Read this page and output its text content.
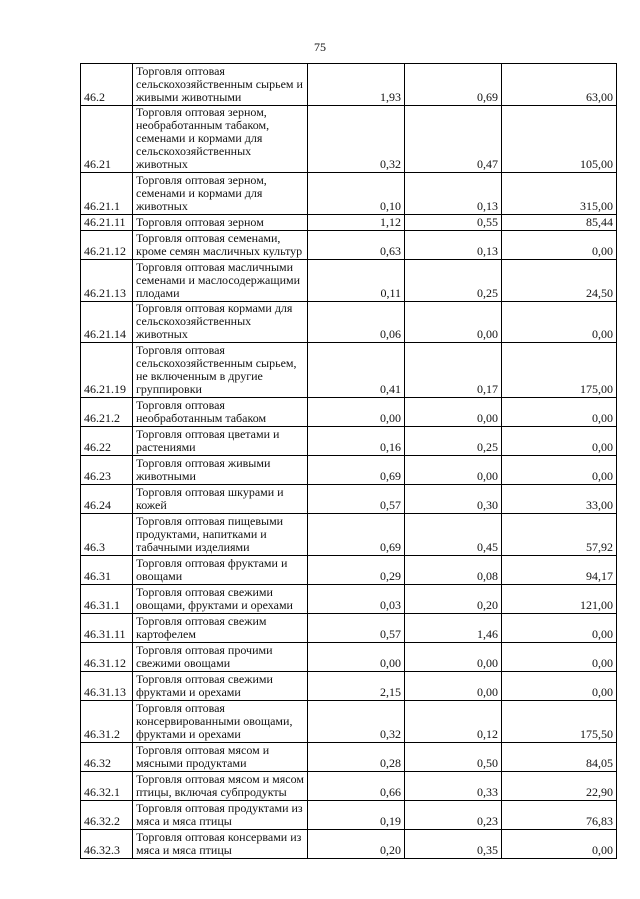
75
46.2	Торговля оптовая сельскохозяйственным сырьем и живыми животными	1,93	0,69	63,00
46.21	Торговля оптовая зерном, необработанным табаком, семенами и кормами для сельскохозяйственных животных	0,32	0,47	105,00
46.21.1	Торговля оптовая зерном, семенами и кормами для животных	0,10	0,13	315,00
46.21.11	Торговля оптовая зерном	1,12	0,55	85,44
46.21.12	Торговля оптовая семенами, кроме семян масличных культур	0,63	0,13	0,00
46.21.13	Торговля оптовая масличными семенами и маслосодержащими плодами	0,11	0,25	24,50
46.21.14	Торговля оптовая кормами для сельскохозяйственных животных	0,06	0,00	0,00
46.21.19	Торговля оптовая сельскохозяйственным сырьем, не включенным в другие группировки	0,41	0,17	175,00
46.21.2	Торговля оптовая необработанным табаком	0,00	0,00	0,00
46.22	Торговля оптовая цветами и растениями	0,16	0,25	0,00
46.23	Торговля оптовая живыми животными	0,69	0,00	0,00
46.24	Торговля оптовая шкурами и кожей	0,57	0,30	33,00
46.3	Торговля оптовая пищевыми продуктами, напитками и табачными изделиями	0,69	0,45	57,92
46.31	Торговля оптовая фруктами и овощами	0,29	0,08	94,17
46.31.1	Торговля оптовая свежими овощами, фруктами и орехами	0,03	0,20	121,00
46.31.11	Торговля оптовая свежим картофелем	0,57	1,46	0,00
46.31.12	Торговля оптовая прочими свежими овощами	0,00	0,00	0,00
46.31.13	Торговля оптовая свежими фруктами и орехами	2,15	0,00	0,00
46.31.2	Торговля оптовая консервированными овощами, фруктами и орехами	0,32	0,12	175,50
46.32	Торговля оптовая мясом и мясными продуктами	0,28	0,50	84,05
46.32.1	Торговля оптовая мясом и мясом птицы, включая субпродукты	0,66	0,33	22,90
46.32.2	Торговля оптовая продуктами из мяса и мяса птицы	0,19	0,23	76,83
46.32.3	Торговля оптовая консервами из мяса и мяса птицы	0,20	0,35	0,00
